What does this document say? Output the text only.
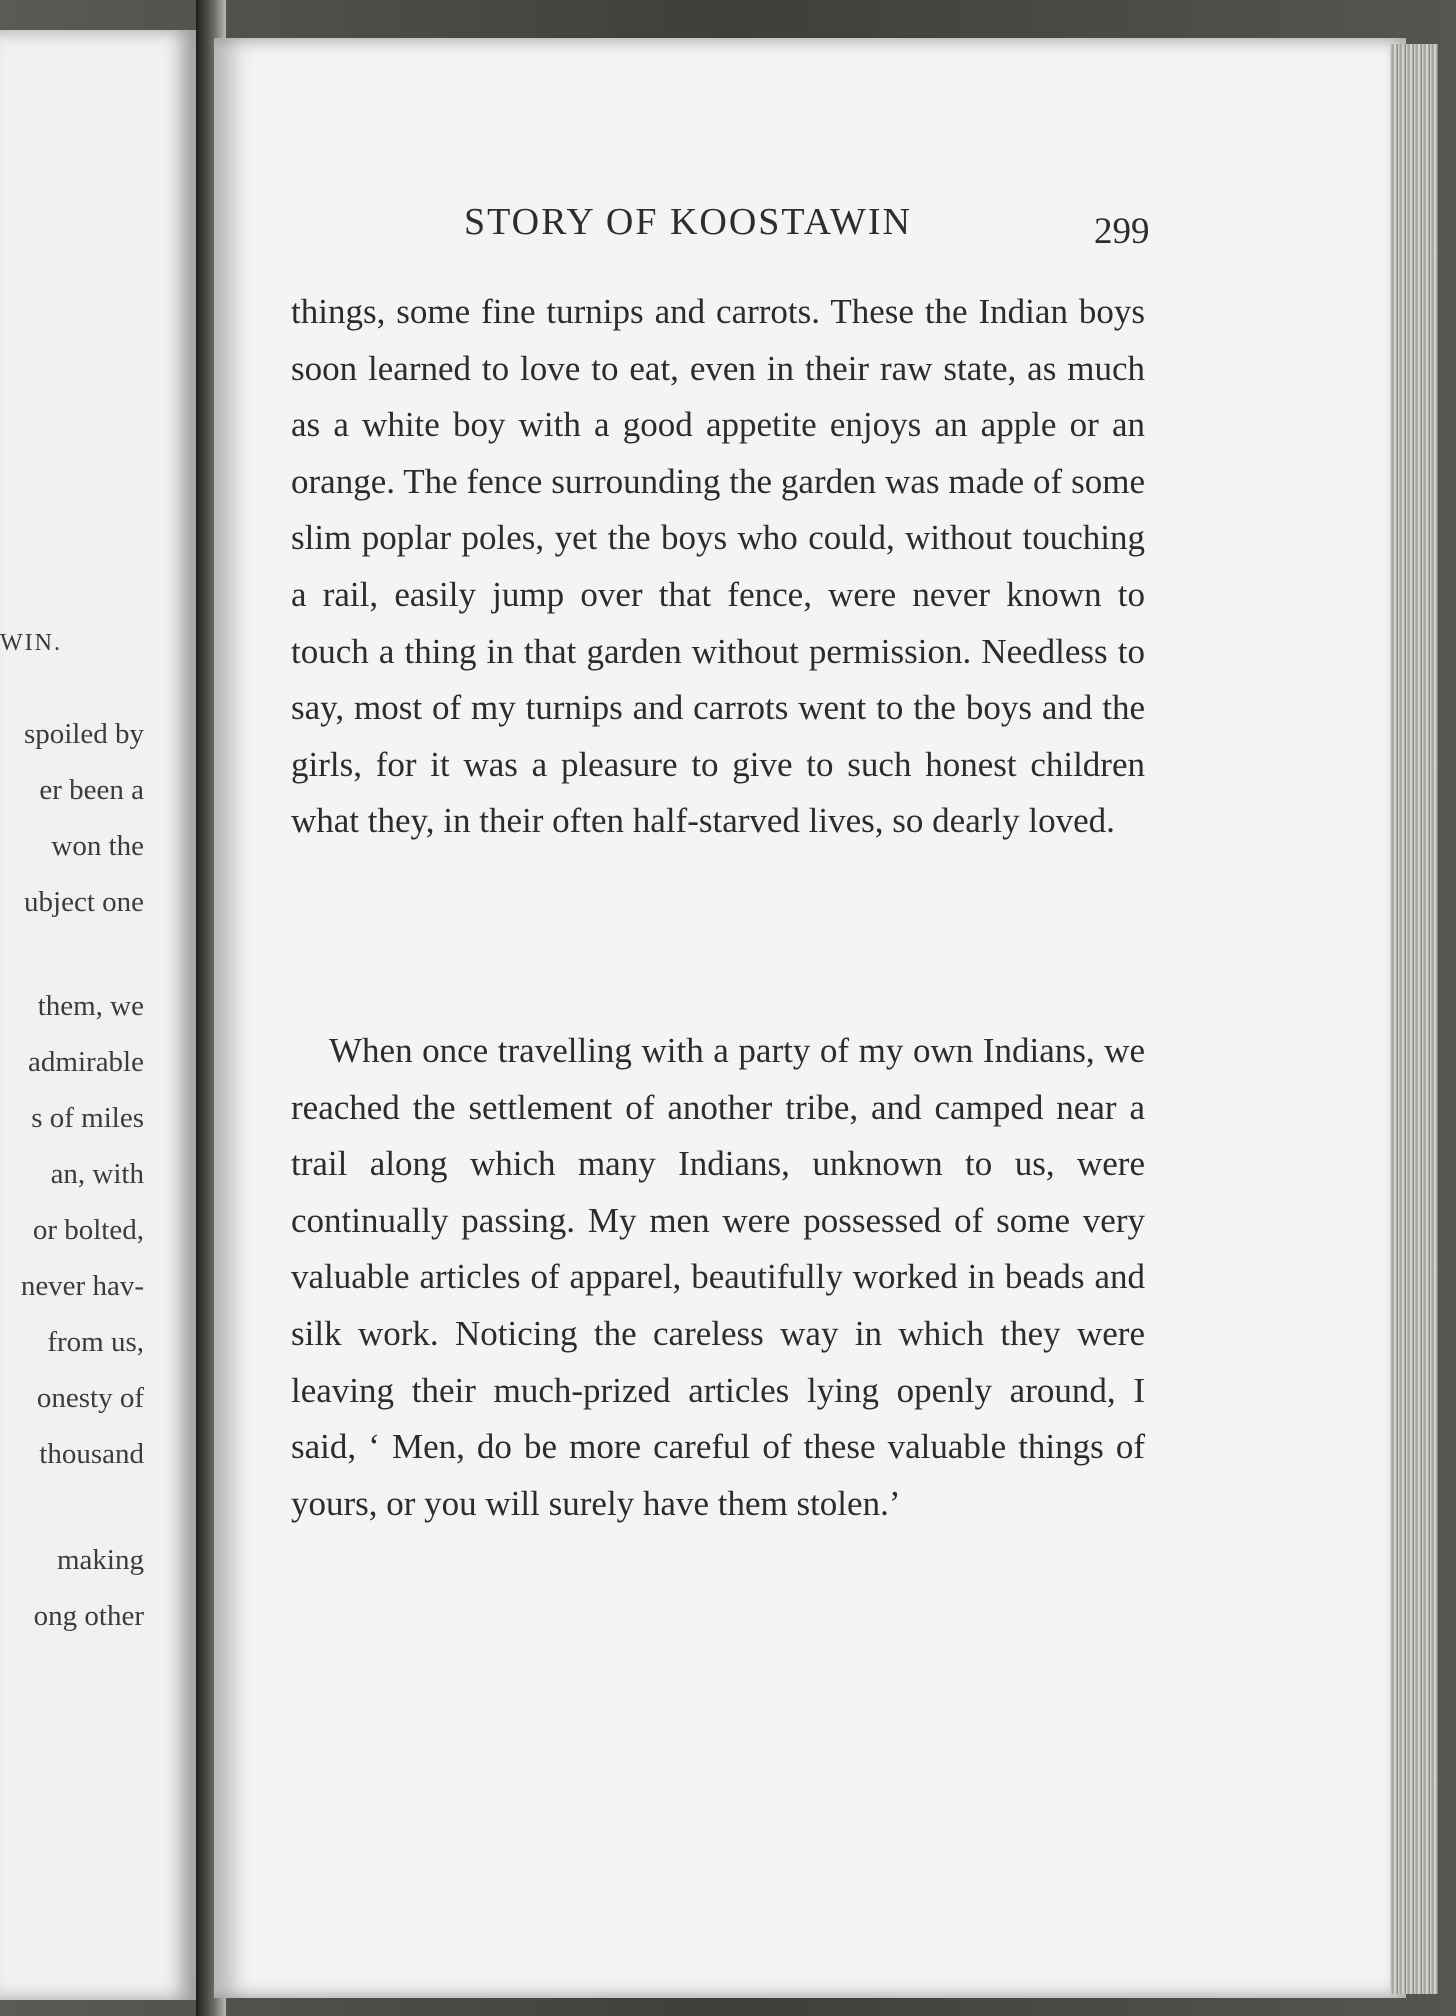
WIN.
spoiled by
er been a
won the
ubject one
them, we
admirable
s of miles
an, with
or bolted,
never hav-
from us,
onesty of
thousand
making
ong other
STORY OF KOOSTAWIN	299

things, some fine turnips and carrots. These the Indian boys soon learned to love to eat, even in their raw state, as much as a white boy with a good appetite enjoys an apple or an orange. The fence surrounding the garden was made of some slim poplar poles, yet the boys who could, without touching a rail, easily jump over that fence, were never known to touch a thing in that garden without permission. Needless to say, most of my turnips and carrots went to the boys and the girls, for it was a pleasure to give to such honest children what they, in their often half-starved lives, so dearly loved.

When once travelling with a party of my own Indians, we reached the settlement of another tribe, and camped near a trail along which many Indians, unknown to us, were continually passing. My men were possessed of some very valuable articles of apparel, beautifully worked in beads and silk work. Noticing the careless way in which they were leaving their much-prized articles lying openly around, I said, ‘ Men, do be more careful of these valuable things of yours, or you will surely have them stolen.’
